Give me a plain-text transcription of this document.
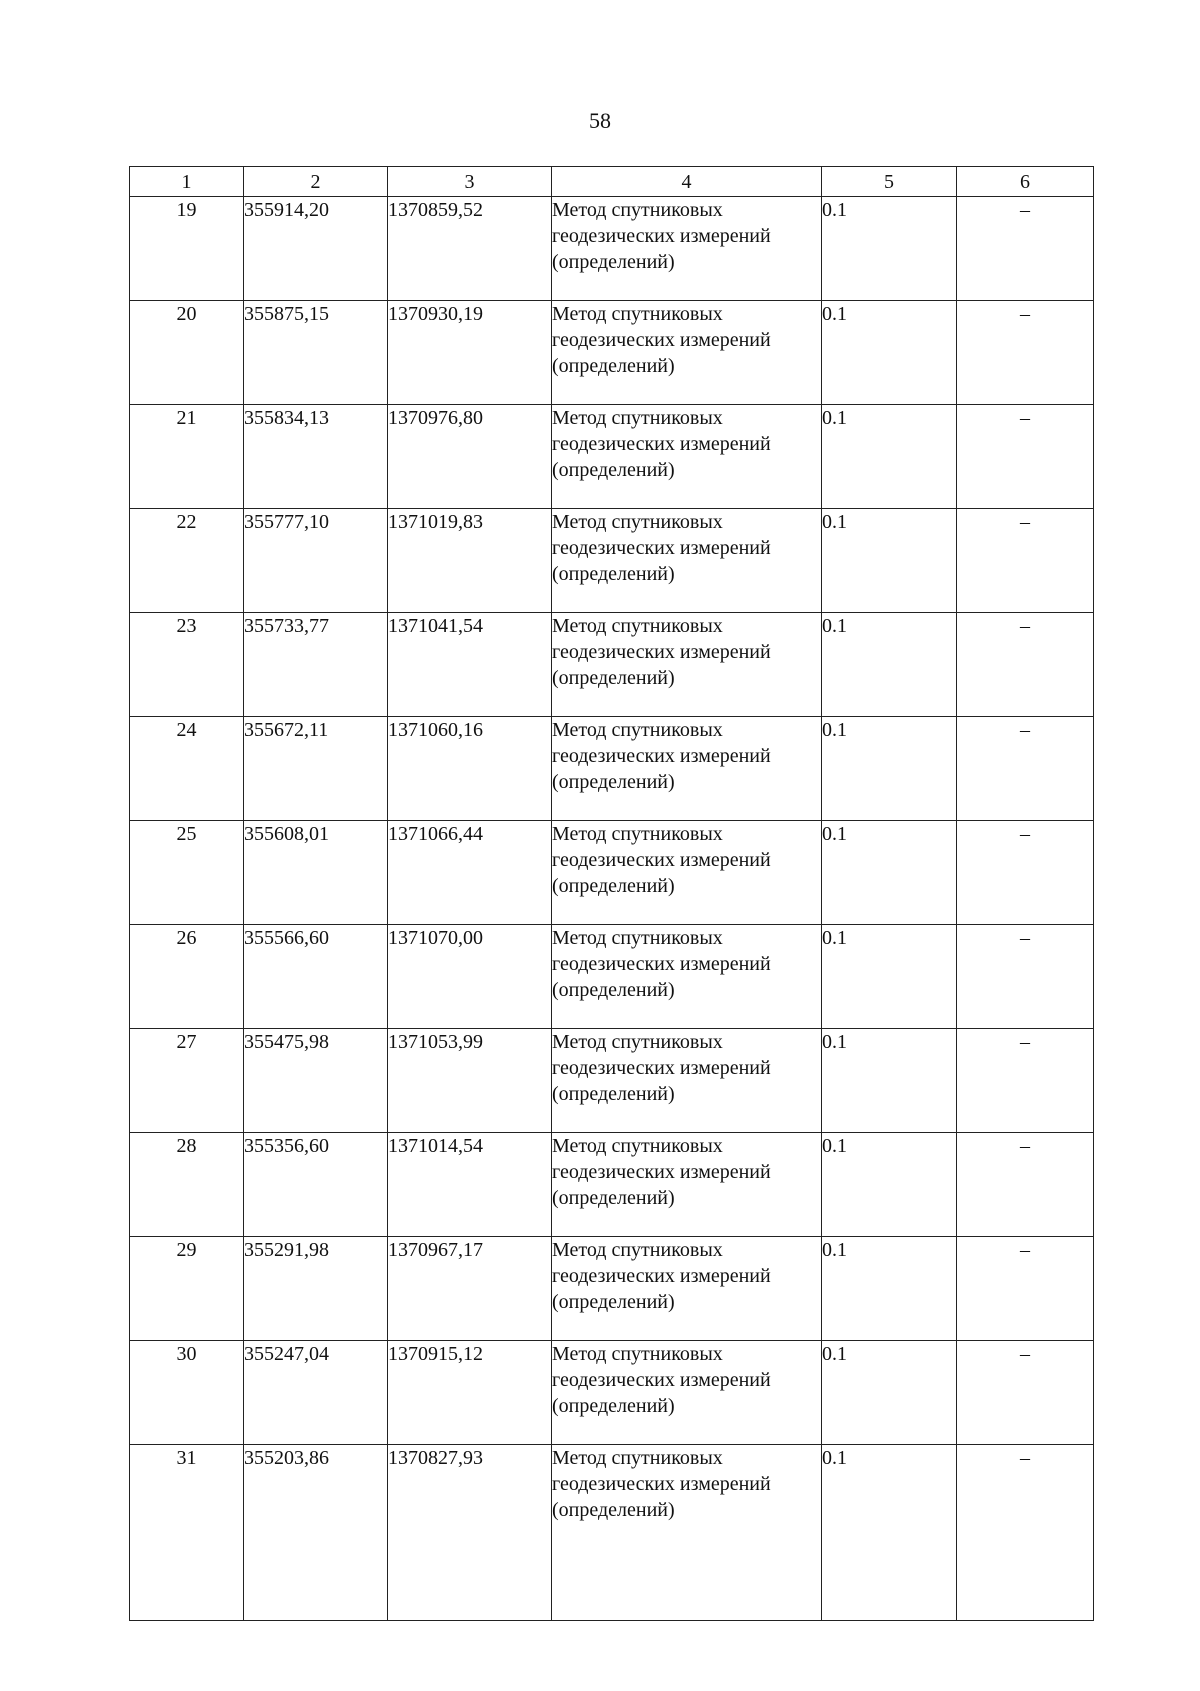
58
1	2	3	4	5	6
19	355914,20	1370859,52	Метод спутниковых геодезических измерений (определений)	0.1	–
20	355875,15	1370930,19	Метод спутниковых геодезических измерений (определений)	0.1	–
21	355834,13	1370976,80	Метод спутниковых геодезических измерений (определений)	0.1	–
22	355777,10	1371019,83	Метод спутниковых геодезических измерений (определений)	0.1	–
23	355733,77	1371041,54	Метод спутниковых геодезических измерений (определений)	0.1	–
24	355672,11	1371060,16	Метод спутниковых геодезических измерений (определений)	0.1	–
25	355608,01	1371066,44	Метод спутниковых геодезических измерений (определений)	0.1	–
26	355566,60	1371070,00	Метод спутниковых геодезических измерений (определений)	0.1	–
27	355475,98	1371053,99	Метод спутниковых геодезических измерений (определений)	0.1	–
28	355356,60	1371014,54	Метод спутниковых геодезических измерений (определений)	0.1	–
29	355291,98	1370967,17	Метод спутниковых геодезических измерений (определений)	0.1	–
30	355247,04	1370915,12	Метод спутниковых геодезических измерений (определений)	0.1	–
31	355203,86	1370827,93	Метод спутниковых геодезических измерений (определений)	0.1	–
